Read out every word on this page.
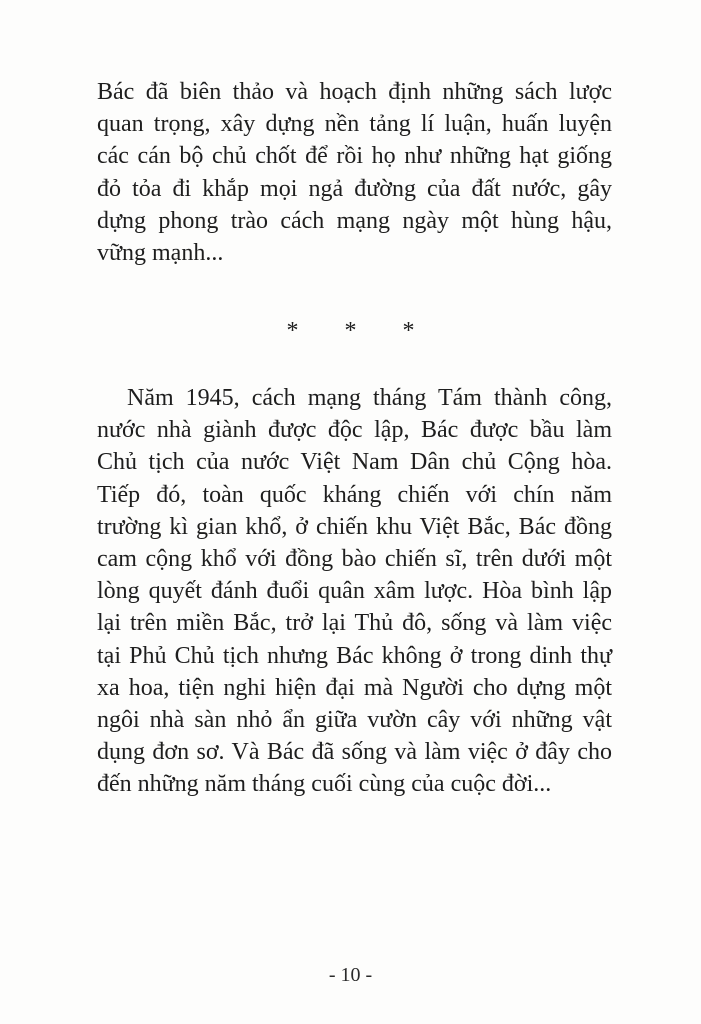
Bác đã biên thảo và hoạch định những sách lược
quan trọng, xây dựng nền tảng lí luận, huấn luyện
các cán bộ chủ chốt để rồi họ như những hạt giống
đỏ tỏa đi khắp mọi ngả đường của đất nước, gây
dựng phong trào cách mạng ngày một hùng hậu,
vững mạnh...
* * *
Năm 1945, cách mạng tháng Tám thành công,
nước nhà giành được độc lập, Bác được bầu làm
Chủ tịch của nước Việt Nam Dân chủ Cộng hòa.
Tiếp đó, toàn quốc kháng chiến với chín năm
trường kì gian khổ, ở chiến khu Việt Bắc, Bác đồng
cam cộng khổ với đồng bào chiến sĩ, trên dưới một
lòng quyết đánh đuổi quân xâm lược. Hòa bình lập
lại trên miền Bắc, trở lại Thủ đô, sống và làm việc
tại Phủ Chủ tịch nhưng Bác không ở trong dinh thự
xa hoa, tiện nghi hiện đại mà Người cho dựng một
ngôi nhà sàn nhỏ ẩn giữa vườn cây với những vật
dụng đơn sơ. Và Bác đã sống và làm việc ở đây cho
đến những năm tháng cuối cùng của cuộc đời...
- 10 -
